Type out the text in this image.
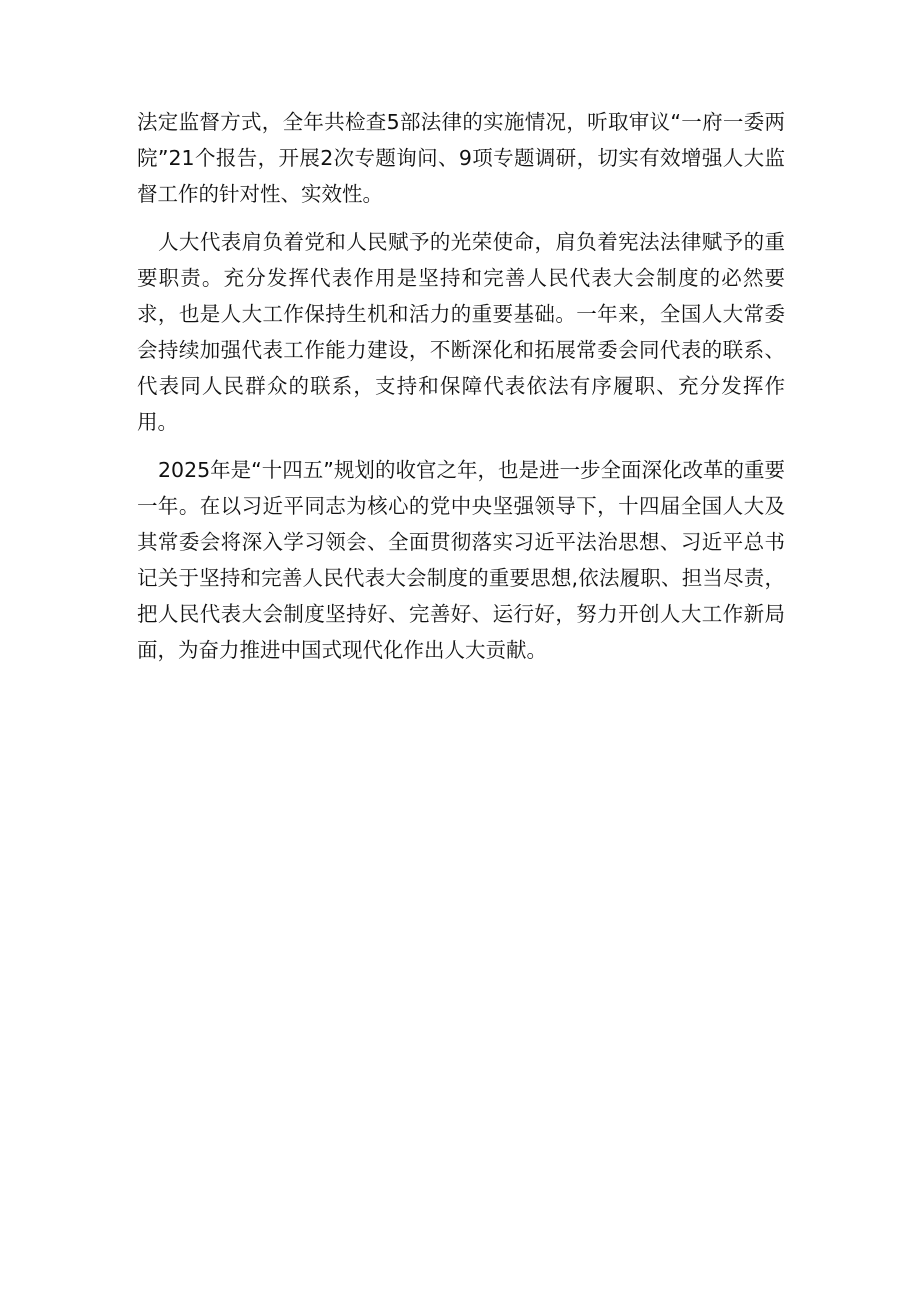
法定监督方式，全年共检查5部法律的实施情况，听取审议“一府一委两院”21个报告，开展2次专题询问、9项专题调研，切实有效增强人大监督工作的针对性、实效性。

人大代表肩负着党和人民赋予的光荣使命，肩负着宪法法律赋予的重要职责。充分发挥代表作用是坚持和完善人民代表大会制度的必然要求，也是人大工作保持生机和活力的重要基础。一年来，全国人大常委会持续加强代表工作能力建设，不断深化和拓展常委会同代表的联系、代表同人民群众的联系，支持和保障代表依法有序履职、充分发挥作用。

2025年是“十四五”规划的收官之年，也是进一步全面深化改革的重要一年。在以习近平同志为核心的党中央坚强领导下，十四届全国人大及其常委会将深入学习领会、全面贯彻落实习近平法治思想、习近平总书记关于坚持和完善人民代表大会制度的重要思想,依法履职、担当尽责，把人民代表大会制度坚持好、完善好、运行好，努力开创人大工作新局面，为奋力推进中国式现代化作出人大贡献。
